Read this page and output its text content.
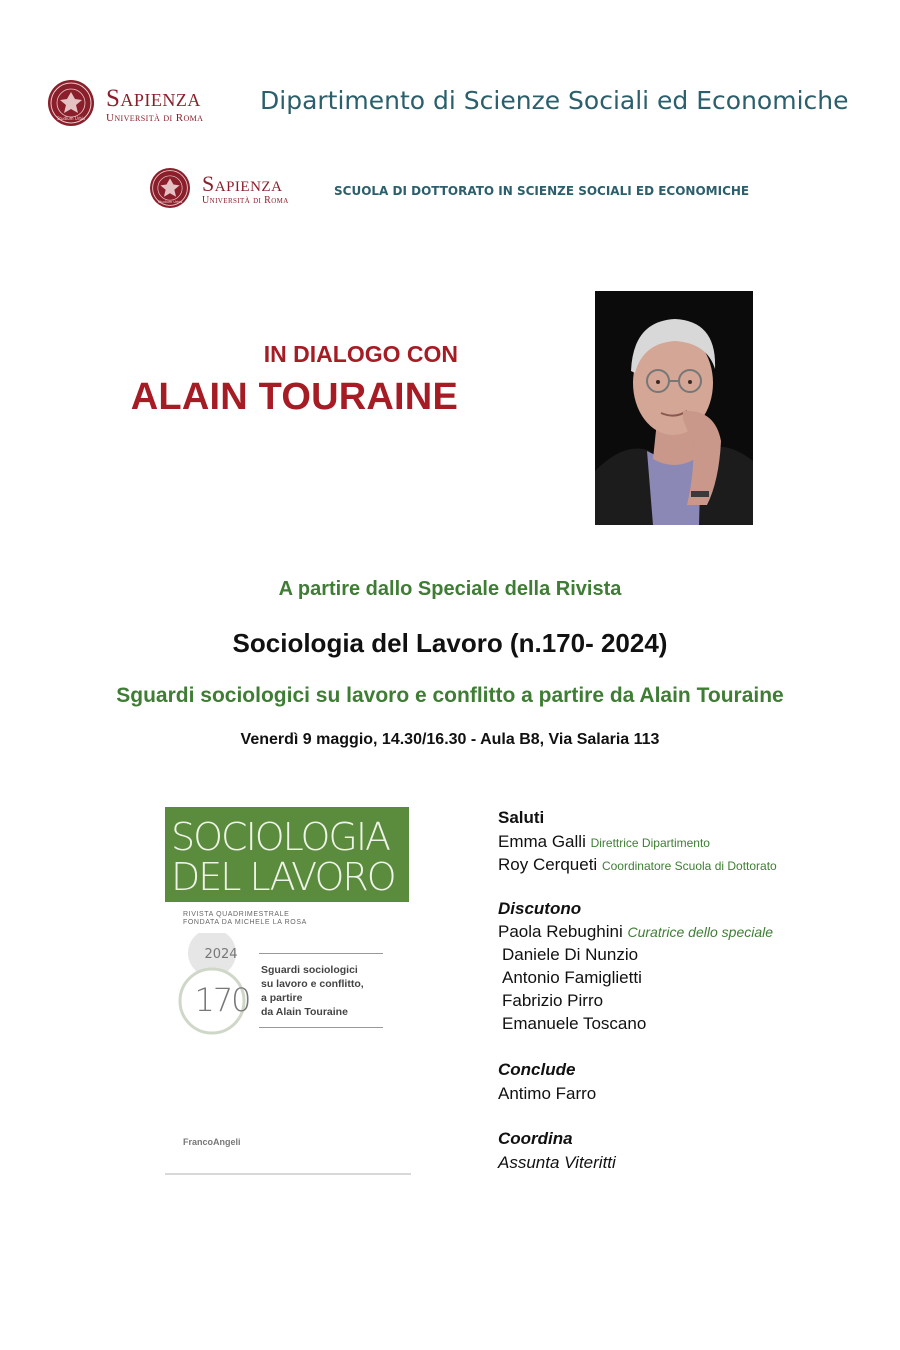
Studium Urbis
Sapienza
Università di Roma
Dipartimento di Scienze Sociali ed Economiche
Studium Urbis
Sapienza
Università di Roma
SCUOLA DI DOTTORATO IN SCIENZE SOCIALI ED ECONOMICHE
IN DIALOGO CON
ALAIN TOURAINE
A partire dallo Speciale della Rivista
Sociologia del Lavoro (n.170- 2024)
Sguardi sociologici su lavoro e conflitto a partire da Alain Touraine
Venerdì 9 maggio, 14.30/16.30 - Aula B8, Via Salaria 113
SOCIOLOGIA
DEL LAVORO
RIVISTA QUADRIMESTRALE
FONDATA DA MICHELE LA ROSA
2024
170
Sguardi sociologici
su lavoro e conflitto,
a partire
da Alain Touraine
FrancoAngeli
Saluti
Emma Galli Direttrice Dipartimento
Roy Cerqueti Coordinatore Scuola di Dottorato
Discutono
Paola Rebughini Curatrice dello speciale
Daniele Di Nunzio
Antonio Famiglietti
Fabrizio Pirro
Emanuele Toscano
Conclude
Antimo Farro
Coordina
Assunta Viteritti
